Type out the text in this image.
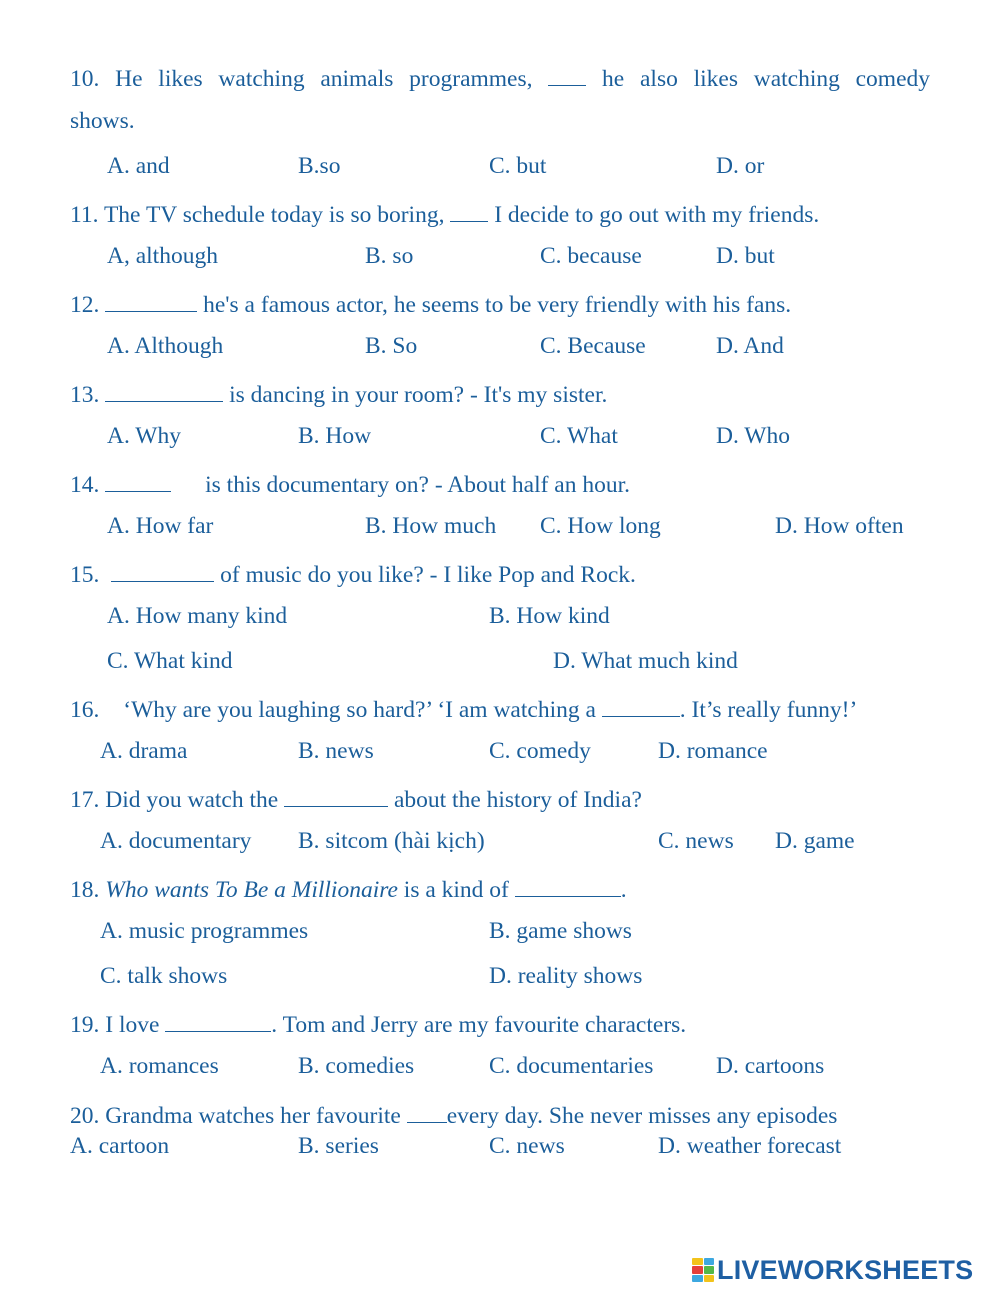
10. He likes watching animals programmes,	he also likes watching comedy
shows.
A. and	B.so	C. but	D. or
11. The TV schedule today is so boring, I decide to go out with my friends.
A, although	B. so	C. because	D. but
12.	he's a famous actor, he seems to be very friendly with his fans.
A. Although	B. So	C. Because	D. And
13.	is dancing in your room? - It's my sister.
A. Why	B. How	C. What	D. Who
14.	is this documentary on? - About half an hour.
A. How far	B. How much C. How long	D. How often
15.	of music do you like? - I like Pop and Rock.
A. How many kind	B. How kind
C. What kind	D. What much kind
16. ‘Why are you laughing so hard?’ ‘I am watching a	. It’s really funny!’
A. drama	B. news	C. comedy	D. romance
17. Did you watch the	about the history of India?
A. documentary B. sitcom (hài kịch)	C. news D. game
18. Who wants To Be a Millionaire is a kind of	.
A. music programmes	B. game shows
C. talk shows	D. reality shows
19. I love	. Tom and Jerry are my favourite characters.
A. romances	B. comedies	C. documentaries	D. cartoons
20. Grandma watches her favourite every day. She never misses any episodes
A. cartoon	B. series	C. news	D. weather forecast
LIVEWORKSHEETS
